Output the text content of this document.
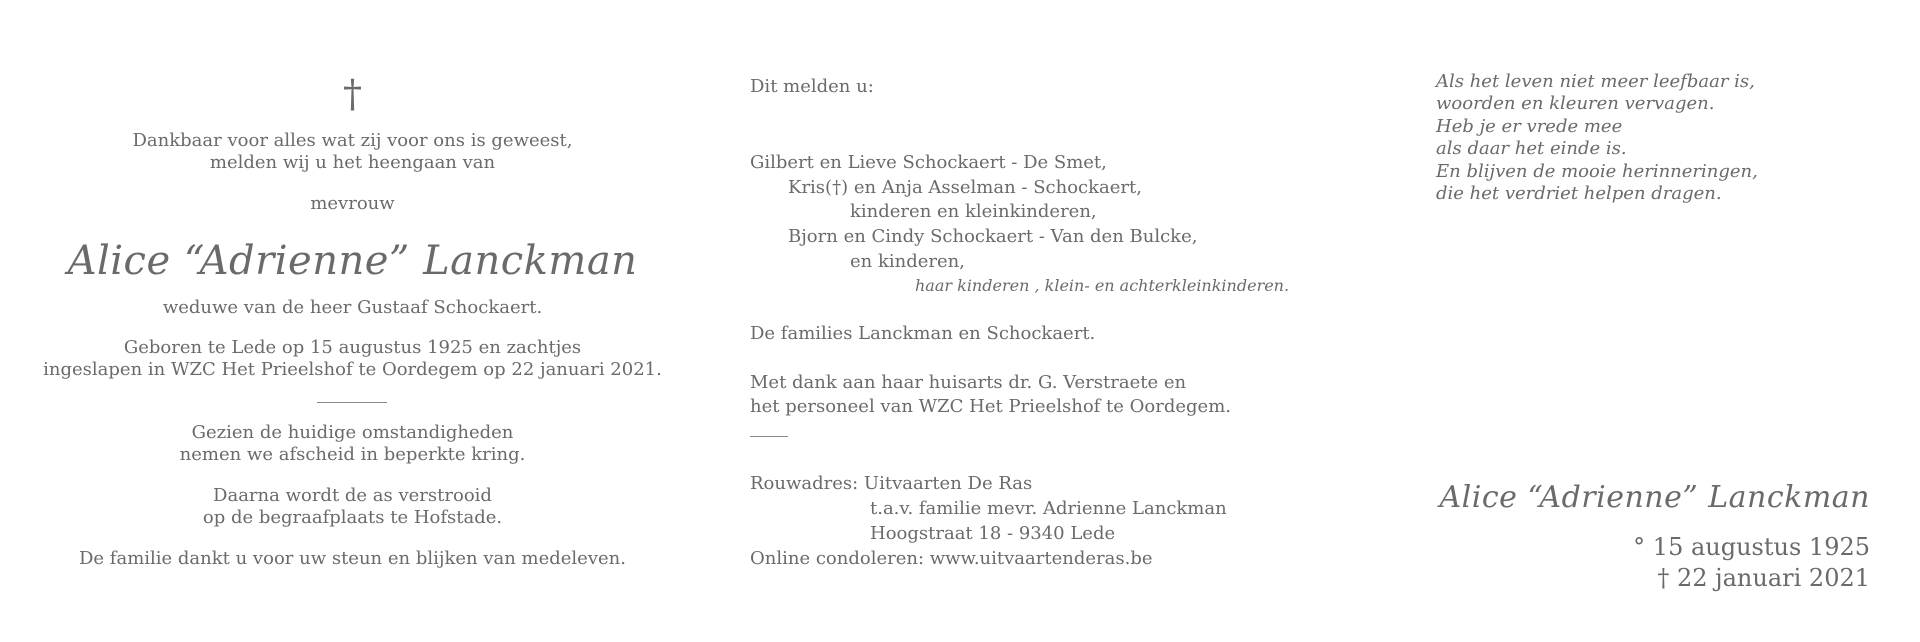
†
Dankbaar voor alles wat zij voor ons is geweest,
melden wij u het heengaan van
mevrouw
Alice “Adrienne” Lanckman
weduwe van de heer Gustaaf Schockaert.
Geboren te Lede op 15 augustus 1925 en zachtjes
ingeslapen in WZC Het Prieelshof te Oordegem op 22 januari 2021.
Gezien de huidige omstandigheden
nemen we afscheid in beperkte kring.
Daarna wordt de as verstrooid
op de begraafplaats te Hofstade.
De familie dankt u voor uw steun en blijken van medeleven.
Dit melden u:
Gilbert en Lieve Schockaert - De Smet,
Kris(†) en Anja Asselman - Schockaert,
kinderen en kleinkinderen,
Bjorn en Cindy Schockaert - Van den Bulcke,
en kinderen,
haar kinderen , klein- en achterkleinkinderen.
De families Lanckman en Schockaert.
Met dank aan haar huisarts dr. G. Verstraete en
het personeel van WZC Het Prieelshof te Oordegem.
Rouwadres: Uitvaarten De Ras
t.a.v. familie mevr. Adrienne Lanckman
Hoogstraat 18 - 9340 Lede
Online condoleren: www.uitvaartenderas.be
Als het leven niet meer leefbaar is,
woorden en kleuren vervagen.
Heb je er vrede mee
als daar het einde is.
En blijven de mooie herinneringen,
die het verdriet helpen dragen.
Alice “Adrienne” Lanckman
° 15 augustus 1925
† 22 januari 2021
